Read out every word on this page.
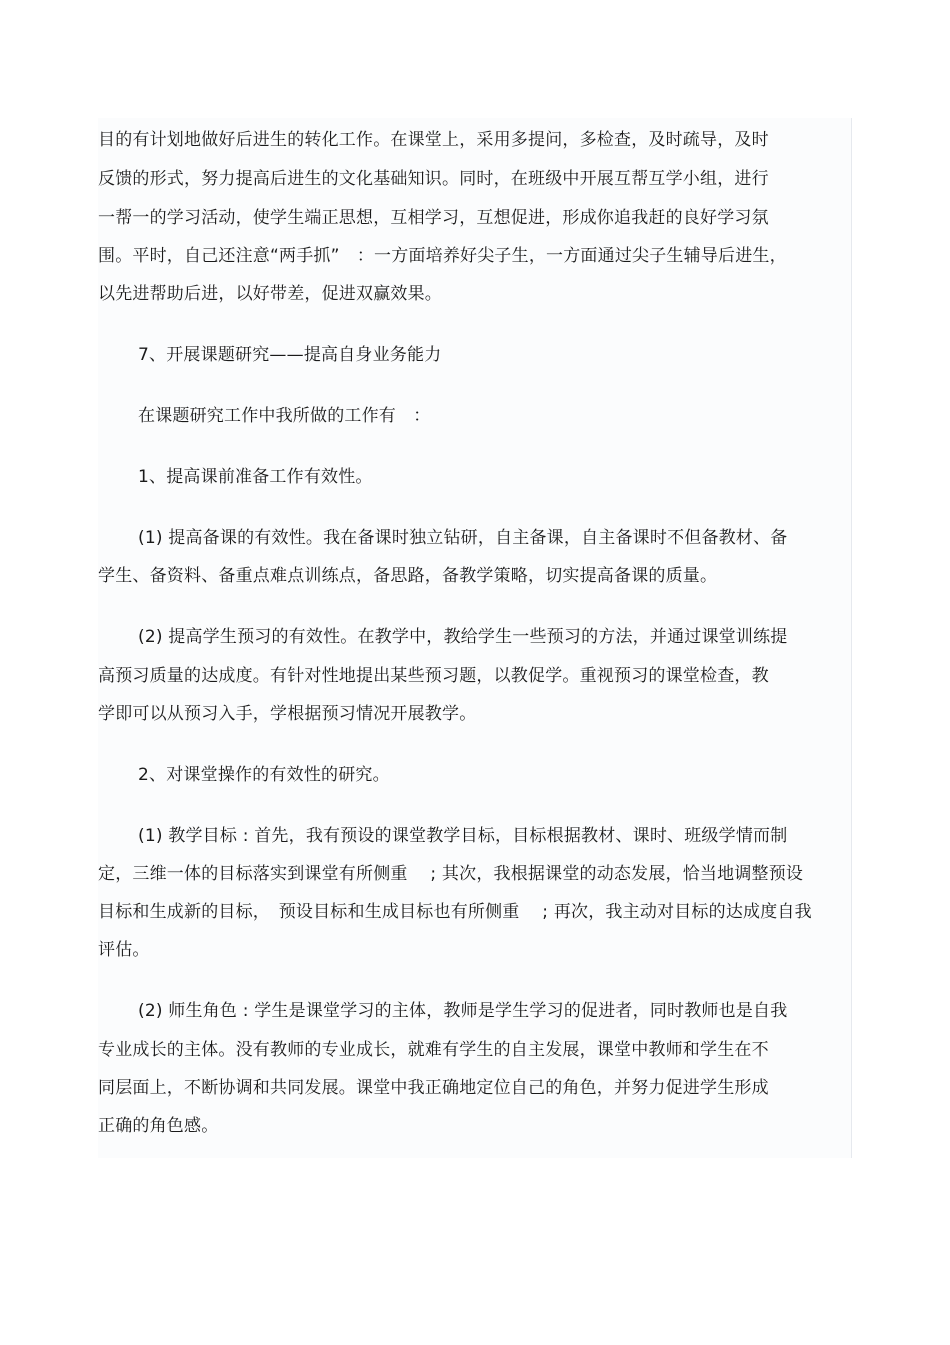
目的有计划地做好后进生的转化工作。在课堂上，采用多提问，多检查，及时疏导，及时
反馈的形式，努力提高后进生的文化基础知识。同时，在班级中开展互帮互学小组，进行
一帮一的学习活动，使学生端正思想，互相学习，互想促进，形成你追我赶的良好学习氛
围。平时，自己还注意“两手抓”　：一方面培养好尖子生，一方面通过尖子生辅导后进生，
以先进帮助后进，以好带差，促进双赢效果。
7、开展课题研究——提高自身业务能力
在课题研究工作中我所做的工作有　：
1、提高课前准备工作有效性。
(1) 提高备课的有效性。我在备课时独立钻研，自主备课，自主备课时不但备教材、备
学生、备资料、备重点难点训练点，备思路，备教学策略，切实提高备课的质量。
(2) 提高学生预习的有效性。在教学中，教给学生一些预习的方法，并通过课堂训练提
高预习质量的达成度。有针对性地提出某些预习题，以教促学。重视预习的课堂检查，教
学即可以从预习入手，学根据预习情况开展教学。
2、对课堂操作的有效性的研究。
(1) 教学目标 : 首先，我有预设的课堂教学目标，目标根据教材、课时、班级学情而制
定，三维一体的目标落实到课堂有所侧重　 ; 其次，我根据课堂的动态发展，恰当地调整预设
目标和生成新的目标，　预设目标和生成目标也有所侧重　 ; 再次，我主动对目标的达成度自我
评估。
(2) 师生角色 : 学生是课堂学习的主体，教师是学生学习的促进者，同时教师也是自我
专业成长的主体。没有教师的专业成长，就难有学生的自主发展，课堂中教师和学生在不
同层面上，不断协调和共同发展。课堂中我正确地定位自己的角色，并努力促进学生形成
正确的角色感。
